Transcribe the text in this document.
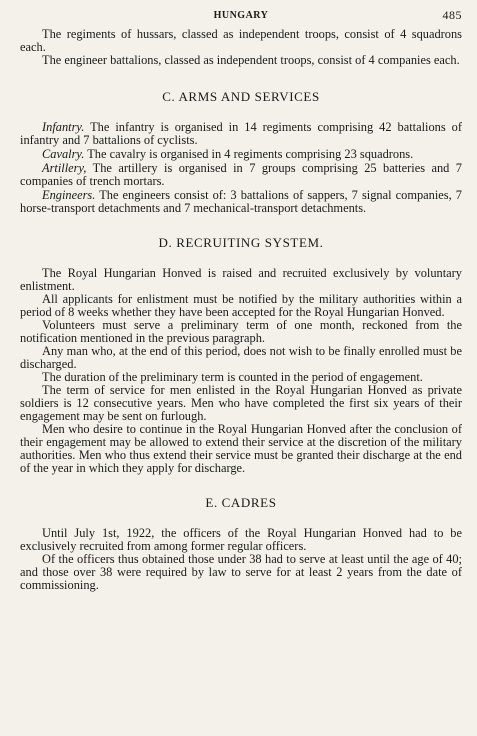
HUNGARY	485

The regiments of hussars, classed as independent troops, consist of 4 squadrons each.

The engineer battalions, classed as independent troops, consist of 4 companies each.

C. ARMS AND SERVICES

Infantry. The infantry is organised in 14 regiments comprising 42 battalions of infantry and 7 battalions of cyclists.

Cavalry. The cavalry is organised in 4 regiments comprising 23 squadrons.

Artillery, The artillery is organised in 7 groups comprising 25 batteries and 7 companies of trench mortars.

Engineers. The engineers consist of: 3 battalions of sappers, 7 signal companies, 7 horse-transport detachments and 7 mechanical-transport detachments.

D. RECRUITING SYSTEM.

The Royal Hungarian Honved is raised and recruited exclusively by voluntary enlistment.

All applicants for enlistment must be notified by the military authorities within a period of 8 weeks whether they have been accepted for the Royal Hungarian Honved.

Volunteers must serve a preliminary term of one month, reckoned from the notification mentioned in the previous paragraph.

Any man who, at the end of this period, does not wish to be finally enrolled must be discharged.

The duration of the preliminary term is counted in the period of engagement.

The term of service for men enlisted in the Royal Hungarian Honved as private soldiers is 12 consecutive years. Men who have completed the first six years of their engagement may be sent on furlough.

Men who desire to continue in the Royal Hungarian Honved after the conclusion of their engagement may be allowed to extend their service at the discretion of the military authorities. Men who thus extend their service must be granted their discharge at the end of the year in which they apply for discharge.

E. CADRES

Until July 1st, 1922, the officers of the Royal Hungarian Honved had to be exclusively recruited from among former regular officers.

Of the officers thus obtained those under 38 had to serve at least until the age of 40; and those over 38 were required by law to serve for at least 2 years from the date of commissioning.
